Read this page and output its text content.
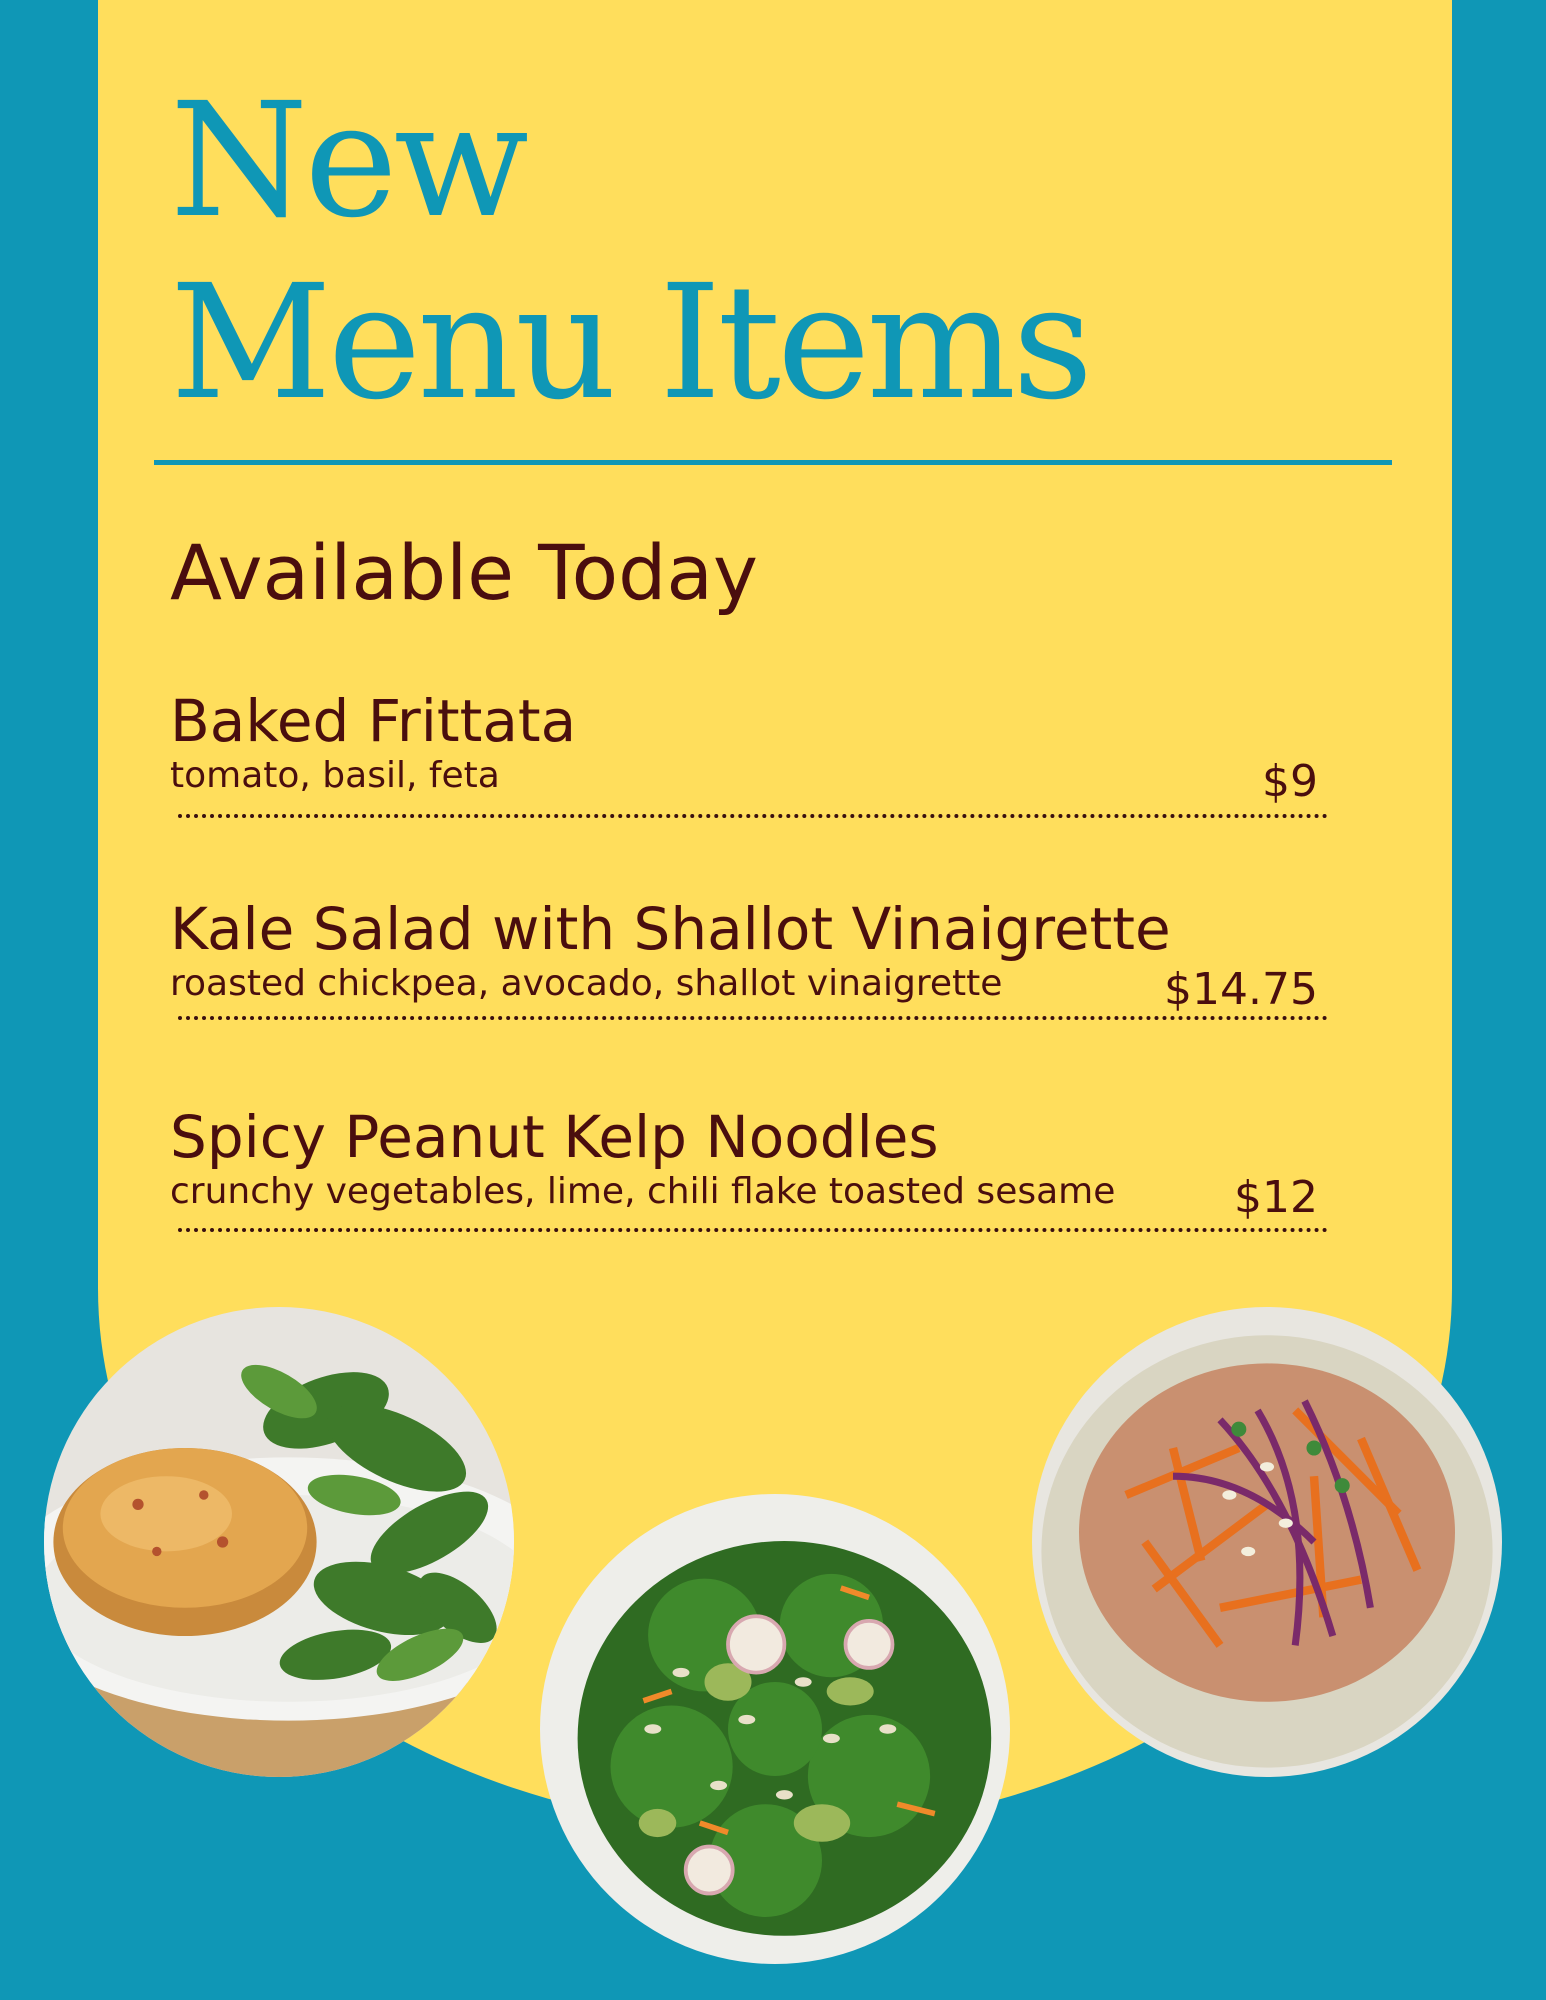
New
Menu Items
Available Today
Baked Frittata
tomato, basil, feta	$9
Kale Salad with Shallot Vinaigrette
roasted chickpea, avocado, shallot vinaigrette	$14.75
Spicy Peanut Kelp Noodles
crunchy vegetables, lime, chili flake toasted sesame	$12
